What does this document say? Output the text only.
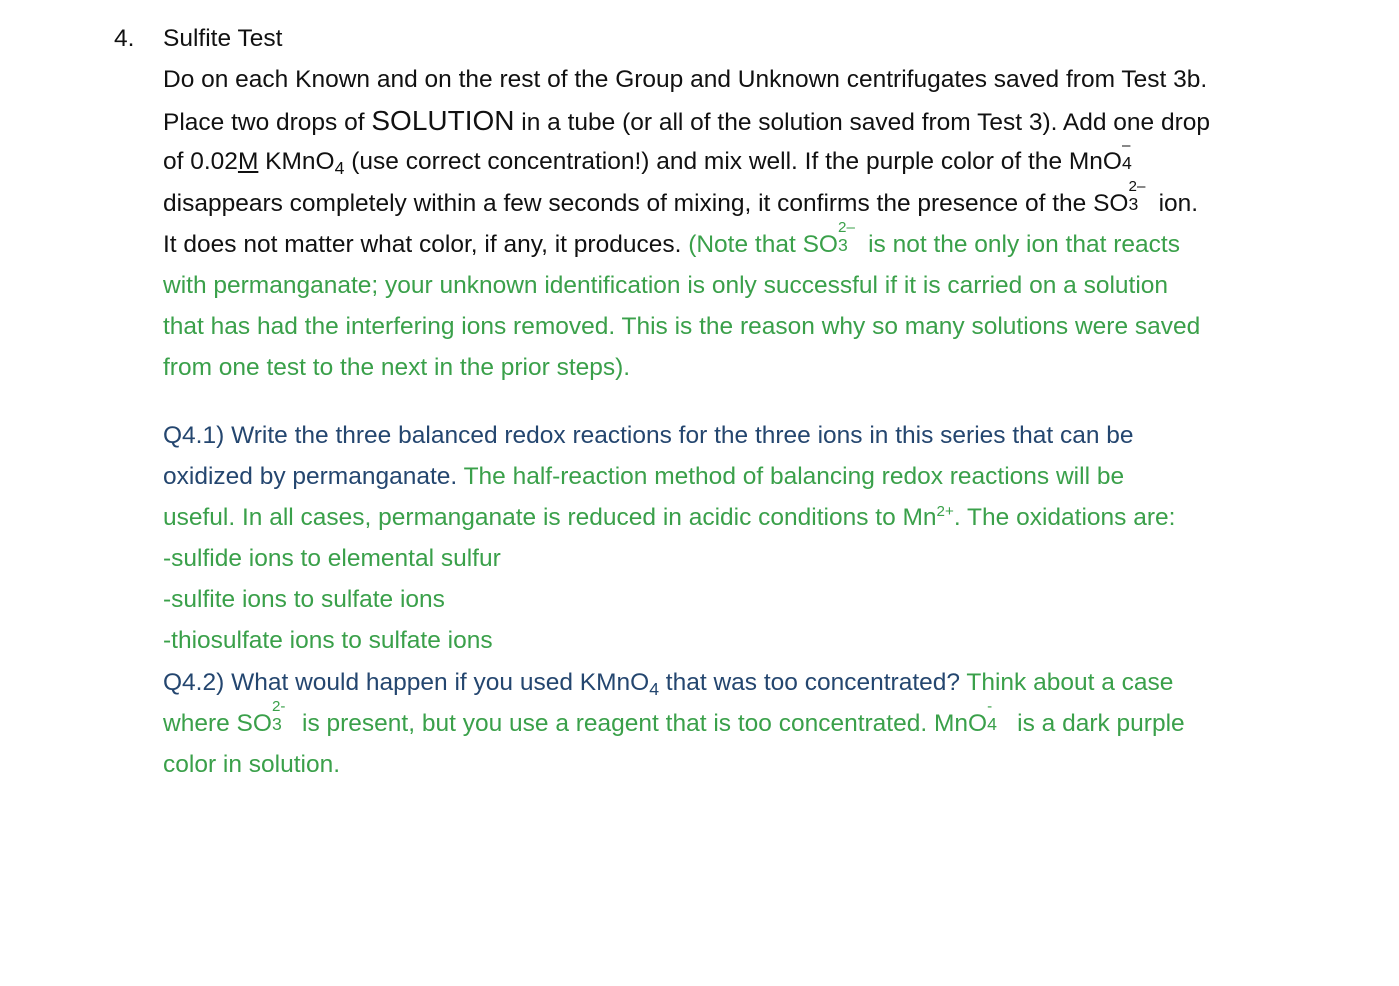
4. Sulfite Test
Do on each Known and on the rest of the Group and Unknown centrifugates saved from Test 3b.
Place two drops of SOLUTION in a tube (or all of the solution saved from Test 3). Add one drop
of 0.02M KMnO$_4$ (use correct concentration!) and mix well. If the purple color of the MnO
–
4
disappears completely within a few seconds of mixing, it confirms the presence of the SO
2–
3 ion.
It does not matter what color, if any, it produces. (Note that SO
2–
3 is not the only ion that reacts
with permanganate; your unknown identification is only successful if it is carried on a solution
that has had the interfering ions removed. This is the reason why so many solutions were saved
from one test to the next in the prior steps).
Q4.1) Write the three balanced redox reactions for the three ions in this series that can be
oxidized by permanganate. The half-reaction method of balancing redox reactions will be
useful. In all cases, permanganate is reduced in acidic conditions to $Mn^{2+}$. The oxidations are:
-sulfide ions to elemental sulfur
-sulfite ions to sulfate ions
-thiosulfate ions to sulfate ions
Q4.2) What would happen if you used KMnO$_4$ that was too concentrated? Think about a case
where SO
2-
3 is present, but you use a reagent that is too concentrated. MnO
-
4 is a dark purple
color in solution.
